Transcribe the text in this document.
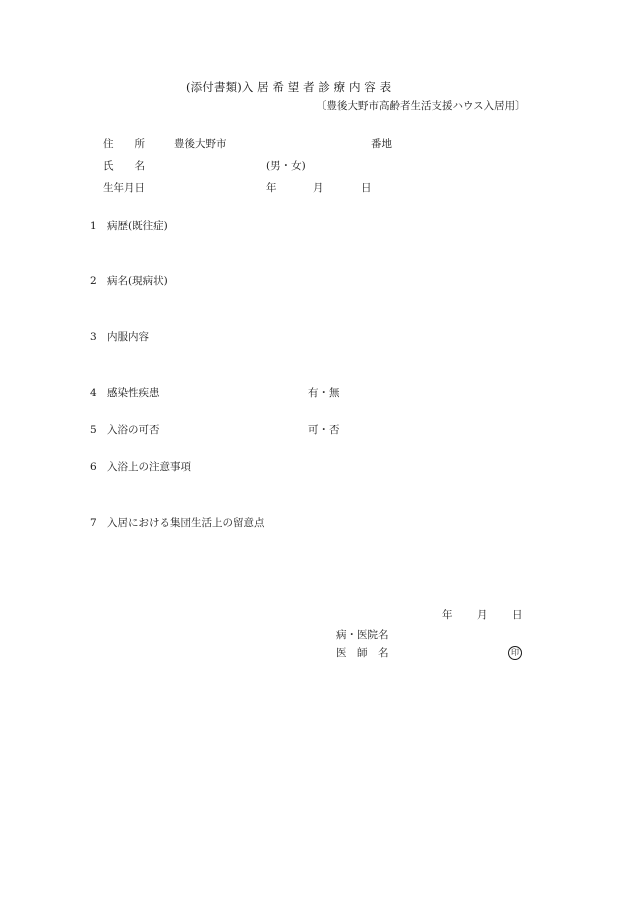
(添付書類)入居希望者診療内容表
〔豊後大野市高齢者生活支援ハウス入居用〕
住　　所	豊後大野市	番地
氏　　名	(男・女)
生年月日	年	月	日
1 病歴(既往症)
2 病名(現病状)
3 内服内容
4 感染性疾患	有・無
5 入浴の可否	可・否
6 入浴上の注意事項
7 入居における集団生活上の留意点
年 月 日
病・医院名
医　師　名	印
